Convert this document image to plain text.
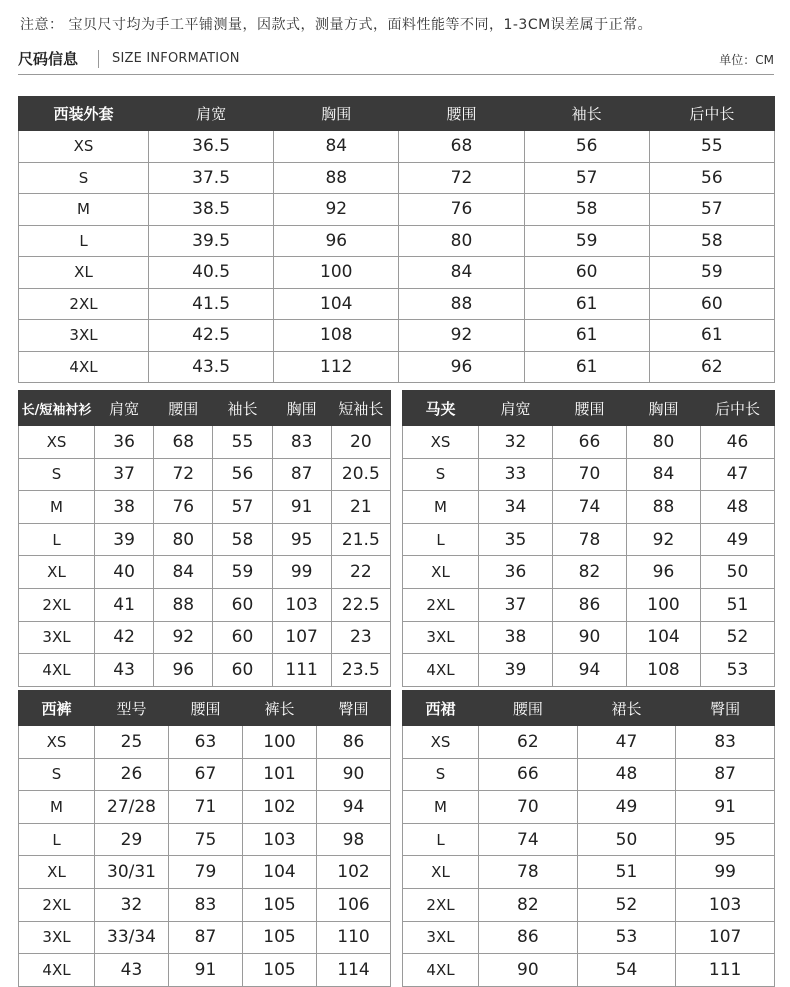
注意： 宝贝尺寸均为手工平铺测量，因款式，测量方式，面料性能等不同，1-3CM误差属于正常。
尺码信息	SIZE INFORMATION	单位：CM
西装外套	肩宽	胸围	腰围	袖长	后中长
XS	36.5	84	68	56	55
S	37.5	88	72	57	56
M	38.5	92	76	58	57
L	39.5	96	80	59	58
XL	40.5	100	84	60	59
2XL	41.5	104	88	61	60
3XL	42.5	108	92	61	61
4XL	43.5	112	96	61	62
长/短袖衬衫	肩宽	腰围	袖长	胸围	短袖长
XS	36	68	55	83	20
S	37	72	56	87	20.5
M	38	76	57	91	21
L	39	80	58	95	21.5
XL	40	84	59	99	22
2XL	41	88	60	103	22.5
3XL	42	92	60	107	23
4XL	43	96	60	111	23.5
马夹	肩宽	腰围	胸围	后中长
XS	32	66	80	46
S	33	70	84	47
M	34	74	88	48
L	35	78	92	49
XL	36	82	96	50
2XL	37	86	100	51
3XL	38	90	104	52
4XL	39	94	108	53
西裤	型号	腰围	裤长	臀围
XS	25	63	100	86
S	26	67	101	90
M	27/28	71	102	94
L	29	75	103	98
XL	30/31	79	104	102
2XL	32	83	105	106
3XL	33/34	87	105	110
4XL	43	91	105	114
西裙	腰围	裙长	臀围
XS	62	47	83
S	66	48	87
M	70	49	91
L	74	50	95
XL	78	51	99
2XL	82	52	103
3XL	86	53	107
4XL	90	54	111
